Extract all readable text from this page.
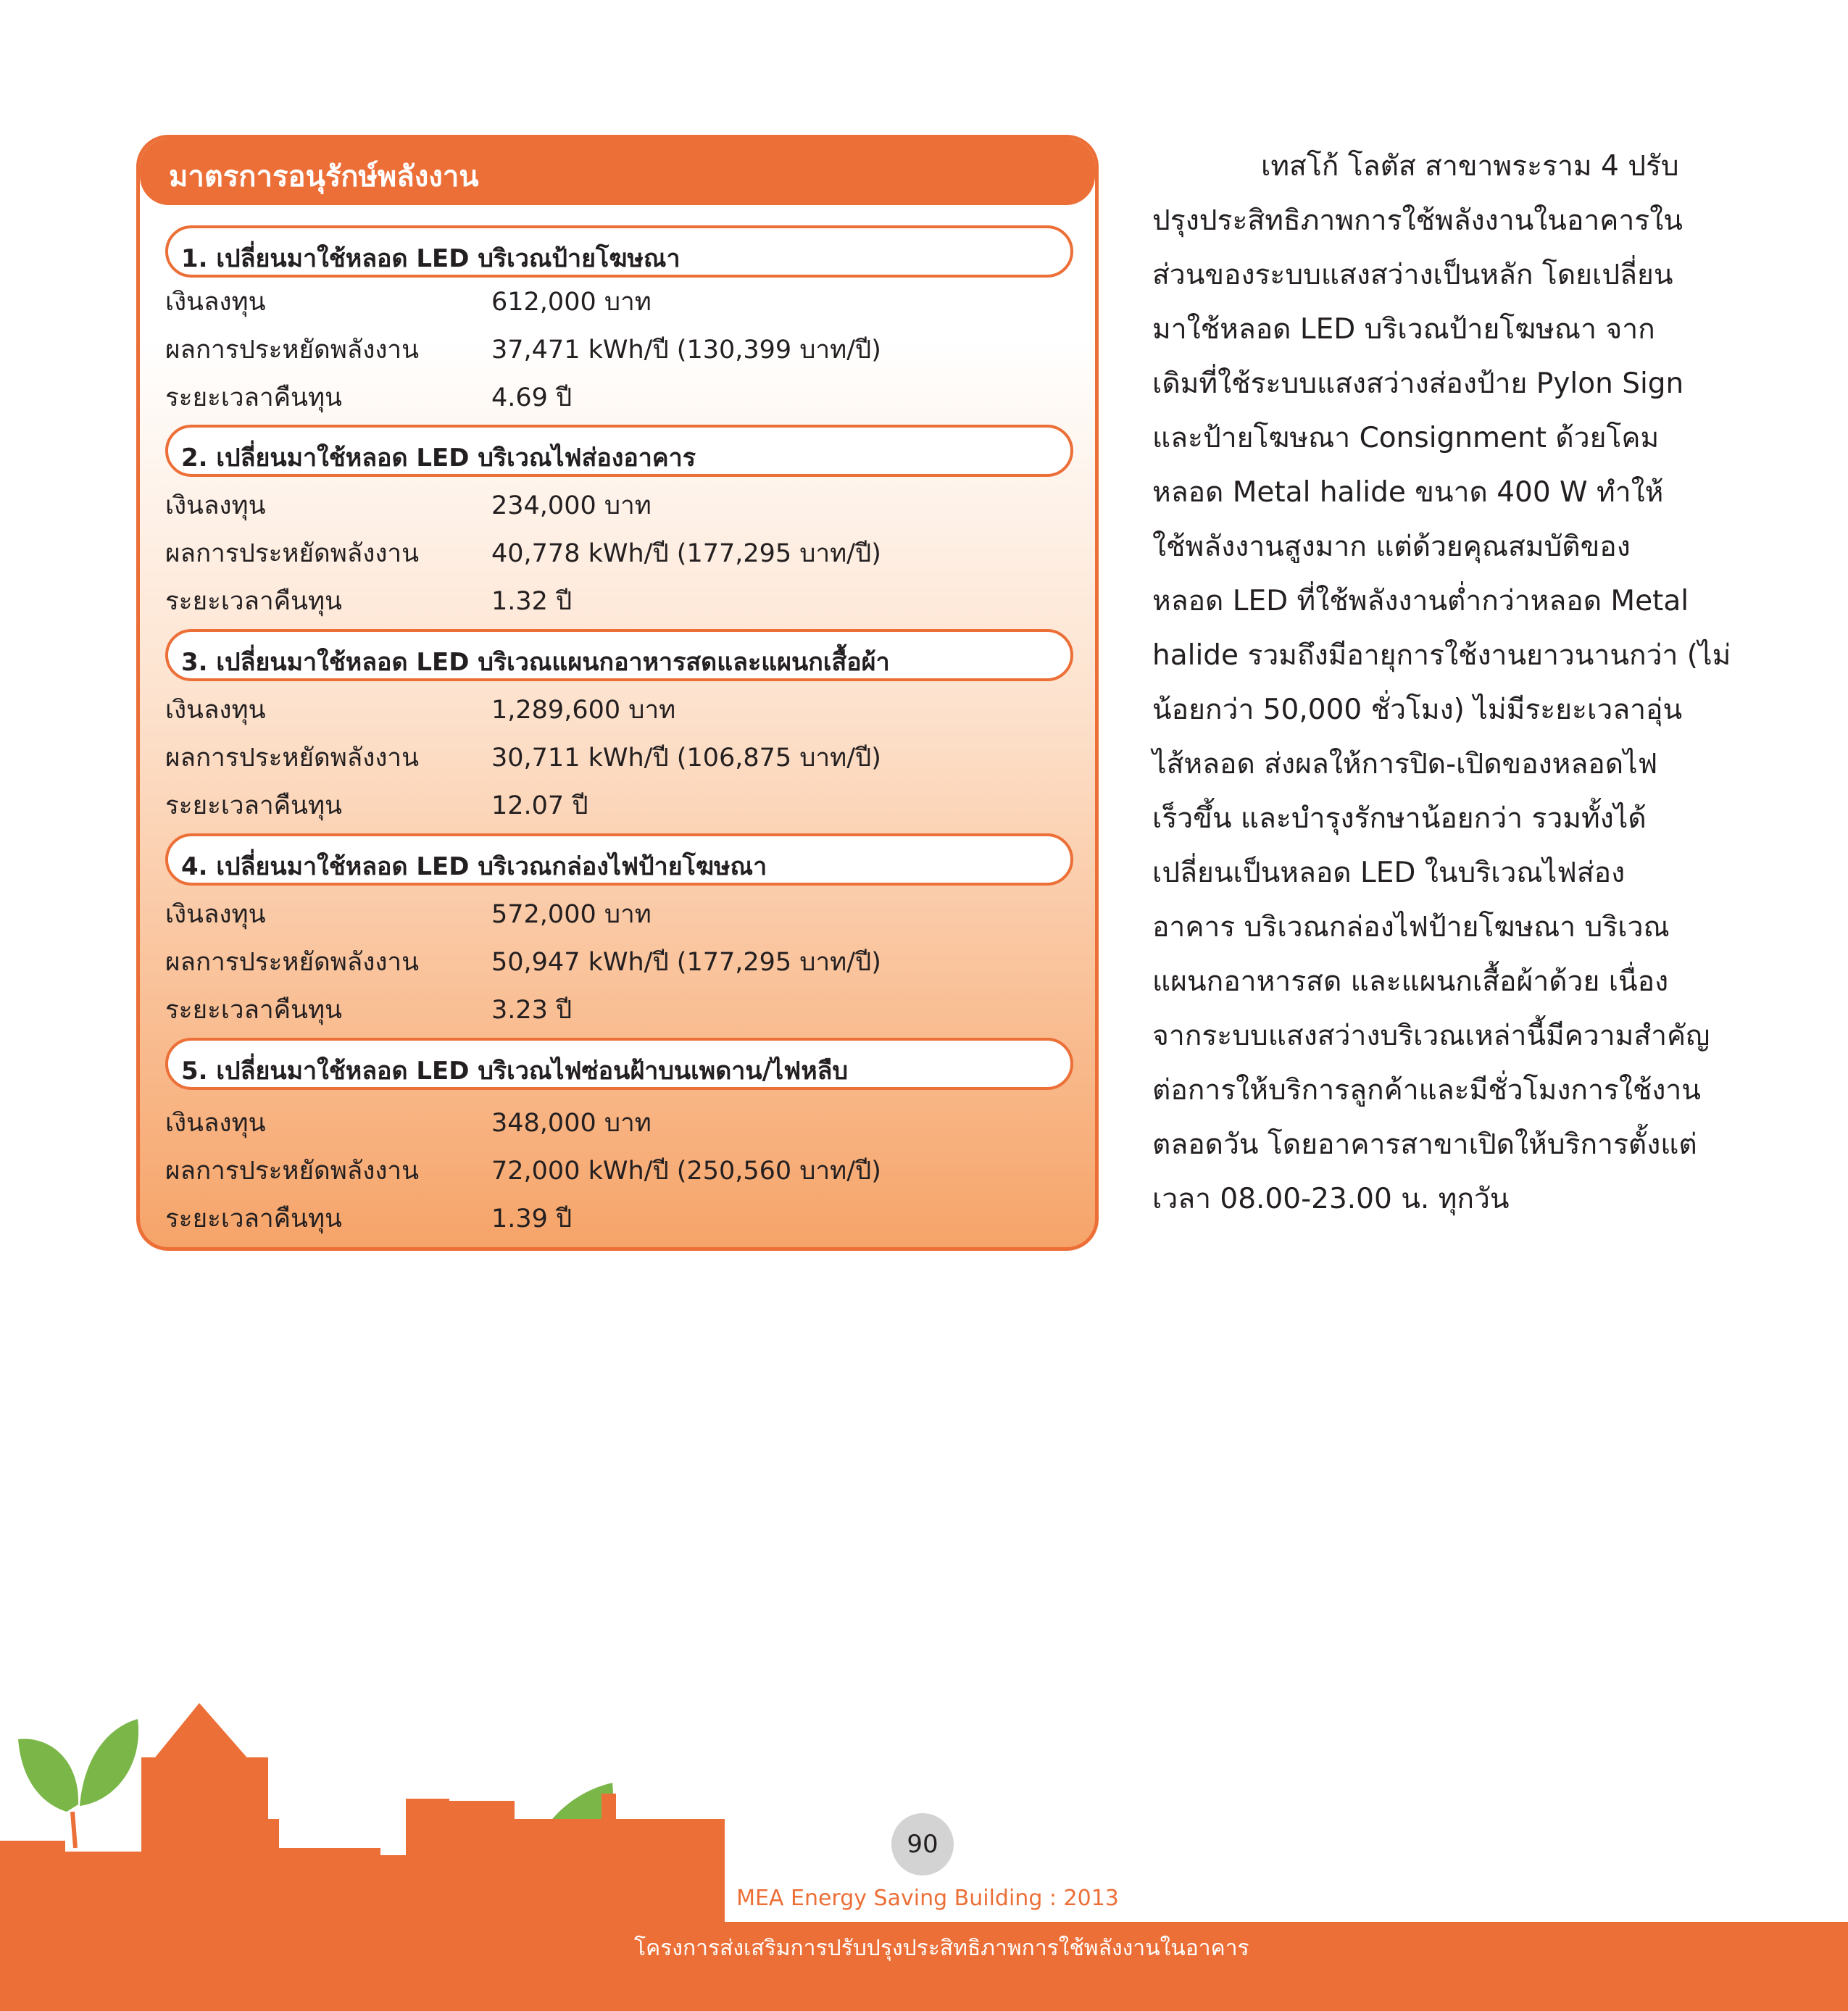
มาตรการอนุรักษ์พลังงาน
1. เปลี่ยนมาใช้หลอด LED บริเวณป้ายโฆษณา
เงินลงทุน	612,000 บาท
ผลการประหยัดพลังงาน	37,471 kWh/ปี (130,399 บาท/ปี)
ระยะเวลาคืนทุน	4.69 ปี
2. เปลี่ยนมาใช้หลอด LED บริเวณไฟส่องอาคาร
เงินลงทุน	234,000 บาท
ผลการประหยัดพลังงาน	40,778 kWh/ปี (177,295 บาท/ปี)
ระยะเวลาคืนทุน	1.32 ปี
3. เปลี่ยนมาใช้หลอด LED บริเวณแผนกอาหารสดและแผนกเสื้อผ้า
เงินลงทุน	1,289,600 บาท
ผลการประหยัดพลังงาน	30,711 kWh/ปี (106,875 บาท/ปี)
ระยะเวลาคืนทุน	12.07 ปี
4. เปลี่ยนมาใช้หลอด LED บริเวณกล่องไฟป้ายโฆษณา
เงินลงทุน	572,000 บาท
ผลการประหยัดพลังงาน	50,947 kWh/ปี (177,295 บาท/ปี)
ระยะเวลาคืนทุน	3.23 ปี
5. เปลี่ยนมาใช้หลอด LED บริเวณไฟซ่อนฝ้าบนเพดาน/ไฟหลืบ
เงินลงทุน	348,000 บาท
ผลการประหยัดพลังงาน	72,000 kWh/ปี (250,560 บาท/ปี)
ระยะเวลาคืนทุน	1.39 ปี
เทสโก้ โลตัส สาขาพระราม 4 ปรับ
ปรุงประสิทธิภาพการใช้พลังงานในอาคารใน
ส่วนของระบบแสงสว่างเป็นหลัก โดยเปลี่ยน
มาใช้หลอด LED บริเวณป้ายโฆษณา จาก
เดิมที่ใช้ระบบแสงสว่างส่องป้าย Pylon Sign
และป้ายโฆษณา Consignment ด้วยโคม
หลอด Metal halide ขนาด 400 W ทำให้
ใช้พลังงานสูงมาก แต่ด้วยคุณสมบัติของ
หลอด LED ที่ใช้พลังงานต่ำกว่าหลอด Metal
halide รวมถึงมีอายุการใช้งานยาวนานกว่า (ไม่
น้อยกว่า 50,000 ชั่วโมง) ไม่มีระยะเวลาอุ่น
ไส้หลอด ส่งผลให้การปิด-เปิดของหลอดไฟ
เร็วขึ้น และบำรุงรักษาน้อยกว่า รวมทั้งได้
เปลี่ยนเป็นหลอด LED ในบริเวณไฟส่อง
อาคาร บริเวณกล่องไฟป้ายโฆษณา บริเวณ
แผนกอาหารสด และแผนกเสื้อผ้าด้วย เนื่อง
จากระบบแสงสว่างบริเวณเหล่านี้มีความสำคัญ
ต่อการให้บริการลูกค้าและมีชั่วโมงการใช้งาน
ตลอดวัน โดยอาคารสาขาเปิดให้บริการตั้งแต่
เวลา 08.00-23.00 น. ทุกวัน
90
MEA Energy Saving Building : 2013
โครงการส่งเสริมการปรับปรุงประสิทธิภาพการใช้พลังงานในอาคาร
